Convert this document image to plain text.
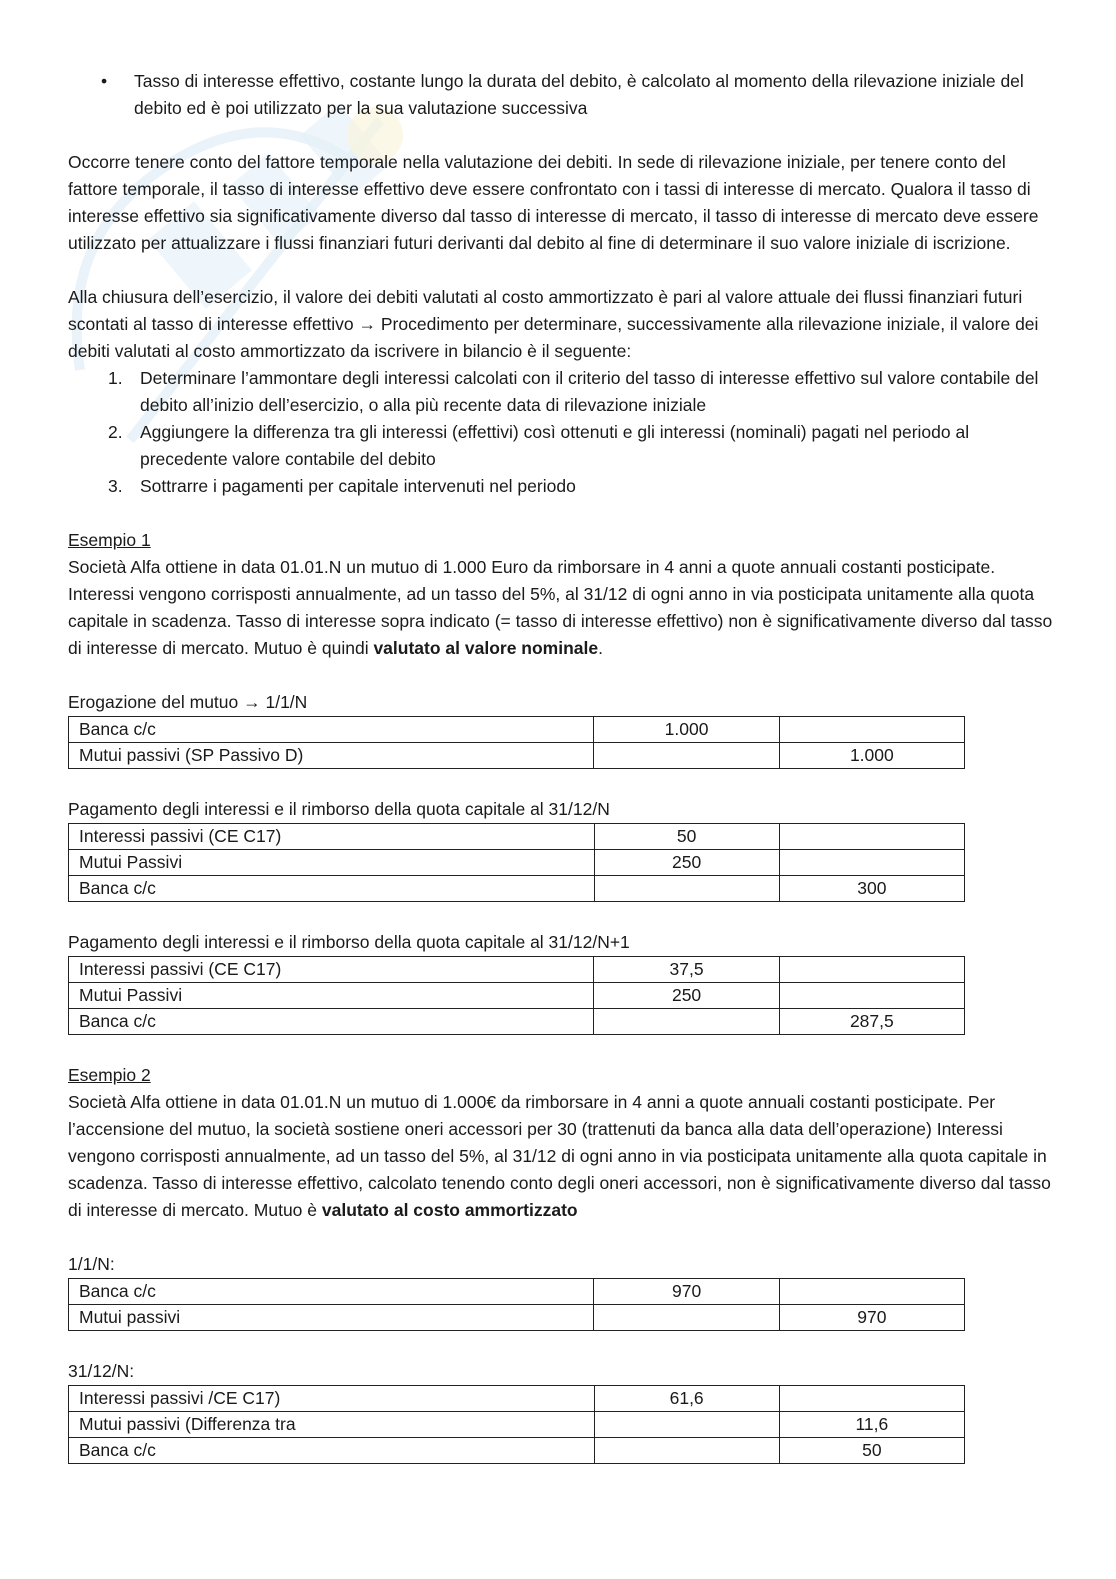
• Tasso di interesse effettivo, costante lungo la durata del debito, è calcolato al momento della rilevazione iniziale del debito ed è poi utilizzato per la sua valutazione successiva

Occorre tenere conto del fattore temporale nella valutazione dei debiti. In sede di rilevazione iniziale, per tenere conto del fattore temporale, il tasso di interesse effettivo deve essere confrontato con i tassi di interesse di mercato. Qualora il tasso di interesse effettivo sia significativamente diverso dal tasso di interesse di mercato, il tasso di interesse di mercato deve essere utilizzato per attualizzare i flussi finanziari futuri derivanti dal debito al fine di determinare il suo valore iniziale di iscrizione.

Alla chiusura dell’esercizio, il valore dei debiti valutati al costo ammortizzato è pari al valore attuale dei flussi finanziari futuri scontati al tasso di interesse effettivo → Procedimento per determinare, successivamente alla rilevazione iniziale, il valore dei debiti valutati al costo ammortizzato da iscrivere in bilancio è il seguente:

1. Determinare l’ammontare degli interessi calcolati con il criterio del tasso di interesse effettivo sul valore contabile del debito all’inizio dell’esercizio, o alla più recente data di rilevazione iniziale
2. Aggiungere la differenza tra gli interessi (effettivi) così ottenuti e gli interessi (nominali) pagati nel periodo al precedente valore contabile del debito
3. Sottrarre i pagamenti per capitale intervenuti nel periodo

Esempio 1

Società Alfa ottiene in data 01.01.N un mutuo di 1.000 Euro da rimborsare in 4 anni a quote annuali costanti posticipate. Interessi vengono corrisposti annualmente, ad un tasso del 5%, al 31/12 di ogni anno in via posticipata unitamente alla quota capitale in scadenza. Tasso di interesse sopra indicato (= tasso di interesse effettivo) non è significativamente diverso dal tasso di interesse di mercato. Mutuo è quindi valutato al valore nominale.

Erogazione del mutuo → 1/1/N

Banca c/c	1.000	
Mutui passivi (SP Passivo D)		1.000

Pagamento degli interessi e il rimborso della quota capitale al 31/12/N

Interessi passivi (CE C17)	50	
Mutui Passivi	250	
Banca c/c		300

Pagamento degli interessi e il rimborso della quota capitale al 31/12/N+1

Interessi passivi (CE C17)	37,5	
Mutui Passivi	250	
Banca c/c		287,5

Esempio 2

Società Alfa ottiene in data 01.01.N un mutuo di 1.000€ da rimborsare in 4 anni a quote annuali costanti posticipate. Per l’accensione del mutuo, la società sostiene oneri accessori per 30 (trattenuti da banca alla data dell’operazione) Interessi vengono corrisposti annualmente, ad un tasso del 5%, al 31/12 di ogni anno in via posticipata unitamente alla quota capitale in scadenza. Tasso di interesse effettivo, calcolato tenendo conto degli oneri accessori, non è significativamente diverso dal tasso di interesse di mercato. Mutuo è valutato al costo ammortizzato

1/1/N:

Banca c/c	970	
Mutui passivi		970

31/12/N:

Interessi passivi /CE C17)	61,6	
Mutui passivi (Differenza tra		11,6
Banca c/c		50
